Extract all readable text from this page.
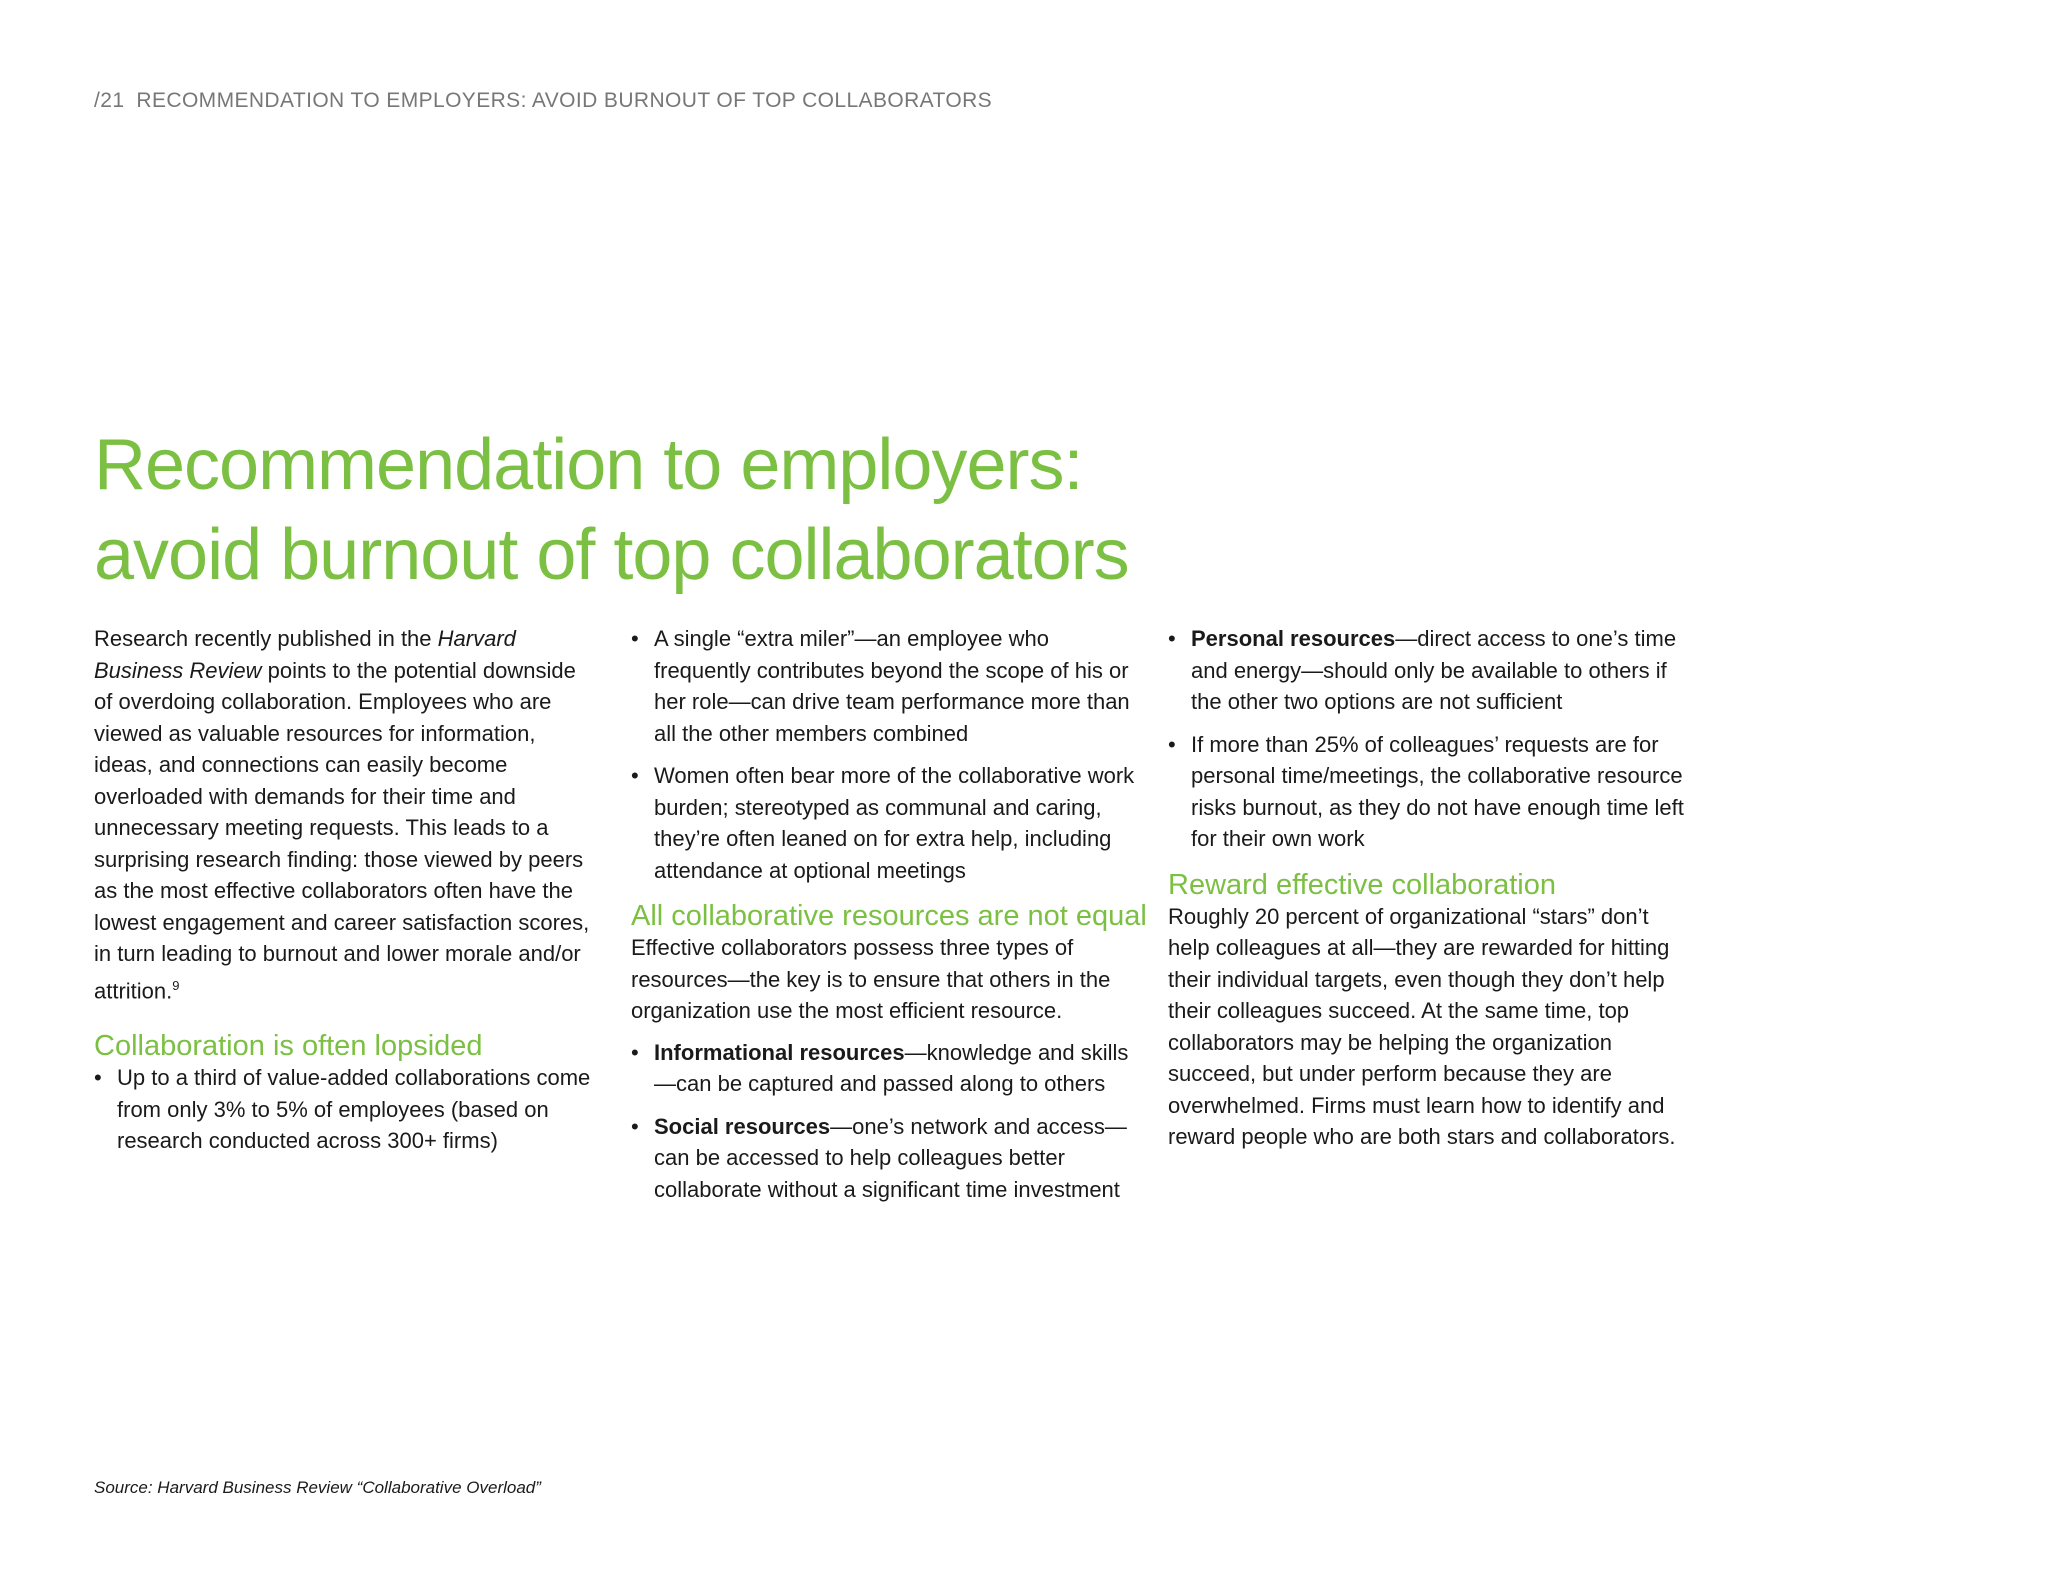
/21 RECOMMENDATION TO EMPLOYERS: AVOID BURNOUT OF TOP COLLABORATORS
Recommendation to employers:
avoid burnout of top collaborators

Research recently published in the Harvard Business Review points to the potential downside of overdoing collaboration. Employees who are viewed as valuable resources for information, ideas, and connections can easily become overloaded with demands for their time and unnecessary meeting requests. This leads to a surprising research finding: those viewed by peers as the most effective collaborators often have the lowest engagement and career satisfaction scores, in turn leading to burnout and lower morale and/or attrition.$^9$

Collaboration is often lopsided
• Up to a third of value-added collaborations come from only 3% to 5% of employees (based on research conducted across 300+ firms)
• A single “extra miler”—an employee who frequently contributes beyond the scope of his or her role—can drive team performance more than all the other members combined
• Women often bear more of the collaborative work burden; stereotyped as communal and caring, they’re often leaned on for extra help, including attendance at optional meetings
All collaborative resources are not equal

Effective collaborators possess three types of resources—the key is to ensure that others in the organization use the most efficient resource.

• Informational resources—knowledge and skills—can be captured and passed along to others
• Social resources—one’s network and access—can be accessed to help colleagues better collaborate without a significant time investment
• Personal resources—direct access to one’s time and energy—should only be available to others if the other two options are not sufficient
• If more than 25% of colleagues’ requests are for personal time/meetings, the collaborative resource risks burnout, as they do not have enough time left for their own work
Reward effective collaboration

Roughly 20 percent of organizational “stars” don’t help colleagues at all—they are rewarded for hitting their individual targets, even though they don’t help their colleagues succeed. At the same time, top collaborators may be helping the organization succeed, but under perform because they are overwhelmed. Firms must learn how to identify and reward people who are both stars and collaborators.

Source: Harvard Business Review “Collaborative Overload”
